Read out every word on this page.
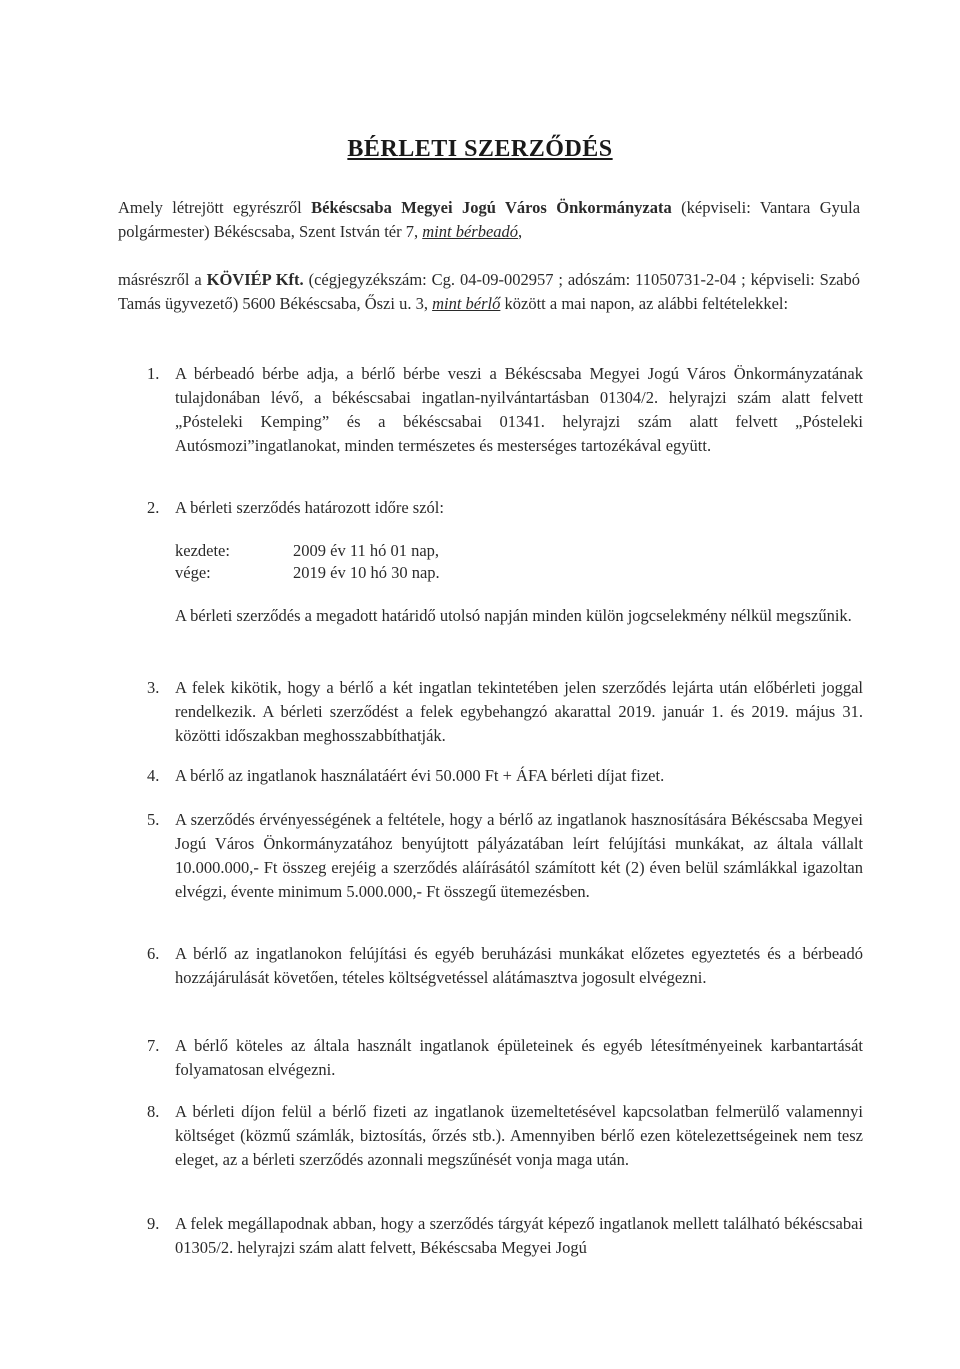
BÉRLETI SZERZŐDÉS
Amely létrejött egyrészről Békéscsaba Megyei Jogú Város Önkormányzata (képviseli: Vantara Gyula polgármester) Békéscsaba, Szent István tér 7, mint bérbeadó,
másrészről a KÖVIÉP Kft. (cégjegyzékszám: Cg. 04-09-002957 ; adószám: 11050731-2-04 ; képviseli: Szabó Tamás ügyvezető) 5600 Békéscsaba, Őszi u. 3, mint bérlő között a mai napon, az alábbi feltételekkel:
1. A bérbeadó bérbe adja, a bérlő bérbe veszi a Békéscsaba Megyei Jogú Város Önkormányzatának tulajdonában lévő, a békéscsabai ingatlan-nyilvántartásban 01304/2. helyrajzi szám alatt felvett „Pósteleki Kemping” és a békéscsabai 01341. helyrajzi szám alatt felvett „Pósteleki Autósmozi”ingatlanokat, minden természetes és mesterséges tartozékával együtt.
2. A bérleti szerződés határozott időre szól:
kezdete:	2009 év 11 hó 01 nap,
vége:	2019 év 10 hó 30 nap.
A bérleti szerződés a megadott határidő utolsó napján minden külön jogcselekmény nélkül megszűnik.
3. A felek kikötik, hogy a bérlő a két ingatlan tekintetében jelen szerződés lejárta után előbérleti joggal rendelkezik. A bérleti szerződést a felek egybehangzó akarattal 2019. január 1. és 2019. május 31. közötti időszakban meghosszabbíthatják.
4. A bérlő az ingatlanok használatáért évi 50.000 Ft + ÁFA bérleti díjat fizet.
5. A szerződés érvényességének a feltétele, hogy a bérlő az ingatlanok hasznosítására Békéscsaba Megyei Jogú Város Önkormányzatához benyújtott pályázatában leírt felújítási munkákat, az általa vállalt 10.000.000,- Ft összeg erejéig a szerződés aláírásától számított két (2) éven belül számlákkal igazoltan elvégzi, évente minimum 5.000.000,- Ft összegű ütemezésben.
6. A bérlő az ingatlanokon felújítási és egyéb beruházási munkákat előzetes egyeztetés és a bérbeadó hozzájárulását követően, tételes költségvetéssel alátámasztva jogosult elvégezni.
7. A bérlő köteles az általa használt ingatlanok épületeinek és egyéb létesítményeinek karbantartását folyamatosan elvégezni.
8. A bérleti díjon felül a bérlő fizeti az ingatlanok üzemeltetésével kapcsolatban felmerülő valamennyi költséget (közmű számlák, biztosítás, őrzés stb.). Amennyiben bérlő ezen kötelezettségeinek nem tesz eleget, az a bérleti szerződés azonnali megszűnését vonja maga után.
9. A felek megállapodnak abban, hogy a szerződés tárgyát képező ingatlanok mellett található békéscsabai 01305/2. helyrajzi szám alatt felvett, Békéscsaba Megyei Jogú
